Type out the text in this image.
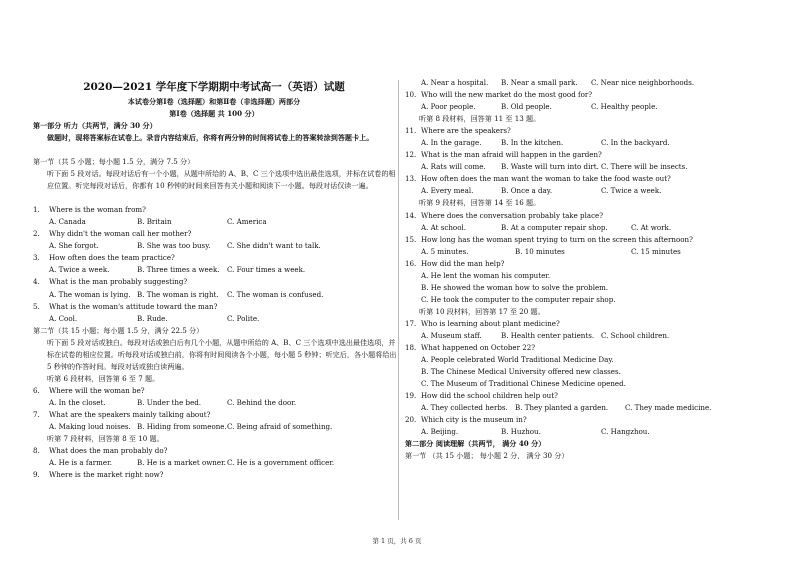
2020—2021 学年度下学期期中考试高一（英语）试题
本试卷分第Ⅰ卷（选择题）和第Ⅱ卷（非选择题）两部分
第Ⅰ卷（选择题 共 100 分）
第一部分 听力（共两节，满分 30 分）
做题时，现将答案标在试卷上。录音内容结束后，你将有两分钟的时间将试卷上的答案转涂到答题卡上。
第一节（共 5 小题；每小题 1.5 分，满分 7.5 分）
听下面 5 段对话。每段对话后有一个小题，从题中所给的 A、B、C 三个选项中选出最佳选项，并标在试卷的相应位置。听完每段对话后，你都有 10 秒钟的时间来回答有关小题和阅读下一小题。每段对话仅读一遍。
1. Where is the woman from?
A. Canada	B. Britain	C. America
2. Why didn't the woman call her mother?
A. She forgot.	B. She was too busy. C. She didn't want to talk.
3. How often does the team practice?
A. Twice a week.	B. Three times a week. C. Four times a week.
4. What is the man probably suggesting?
A. The woman is lying. B. The woman is right. C. The woman is confused.
5. What is the woman's attitude toward the man?
A. Cool.	B. Rude.	C. Polite.
第二节（共 15 小题；每小题 1.5 分，满分 22.5 分）
听下面 5 段对话或独白。每段对话或独白后有几个小题，从题中所给的 A、B、C 三个选项中选出最佳选项，并标在试卷的相应位置。听每段对话或独白前，你将有时间阅读各个小题，每小题 5 秒钟；听完后，各小题将给出 5 秒钟的作答时间。每段对话或独白读两遍。
听第 6 段材料，回答第 6 至 7 题。
6. Where will the woman be?
A. In the closet.	B. Under the bed.	C. Behind the door.
7. What are the speakers mainly talking about?
A. Making loud noises. B. Hiding from someone. C. Being afraid of something.
听第 7 段材料，回答第 8 至 10 题。
8. What does the man probably do?
A. He is a farmer.	B. He is a market owner. C. He is a government officer.
9. Where is the market right now?
A. Near a hospital. B. Near a small park. C. Near nice neighborhoods.
10. Who will the new market do the most good for?
A. Poor people.	B. Old people.	C. Healthy people.
听第 8 段材料，回答第 11 至 13 题。
11. Where are the speakers?
A. In the garage.	B. In the kitchen.	C. In the backyard.
12. What is the man afraid will happen in the garden?
A. Rats will come. B. Waste will turn into dirt. C. There will be insects.
13. How often does the man want the woman to take the food waste out?
A. Every meal.	B. Once a day.	C. Twice a week.
听第 9 段材料，回答第 14 至 16 题。
14. Where does the conversation probably take place?
A. At school.	B. At a computer repair shop.	C. At work.
15. How long has the woman spent trying to turn on the screen this afternoon?
A. 5 minutes.	B. 10 minutes	C. 15 minutes
16. How did the man help?
A. He lent the woman his computer.
B. He showed the woman how to solve the problem.
C. He took the computer to the computer repair shop.
听第 10 段材料，回答第 17 至 20 题。
17. Who is learning about plant medicine?
A. Museum staff.	B. Health center patients. C. School children.
18. What happened on October 22?
A. People celebrated World Traditional Medicine Day.
B. The Chinese Medical University offered new classes.
C. The Museum of Traditional Chinese Medicine opened.
19. How did the school children help out?
A. They collected herbs. B. They planted a garden. C. They made medicine.
20. Which city is the museum in?
A. Beijing.	B. Huzhou.	C. Hangzhou.
第二部分 阅读理解（共两节， 满分 40 分）
第一节 （共 15 小题； 每小题 2 分， 满分 30 分）
第 1 页，共 6 页
